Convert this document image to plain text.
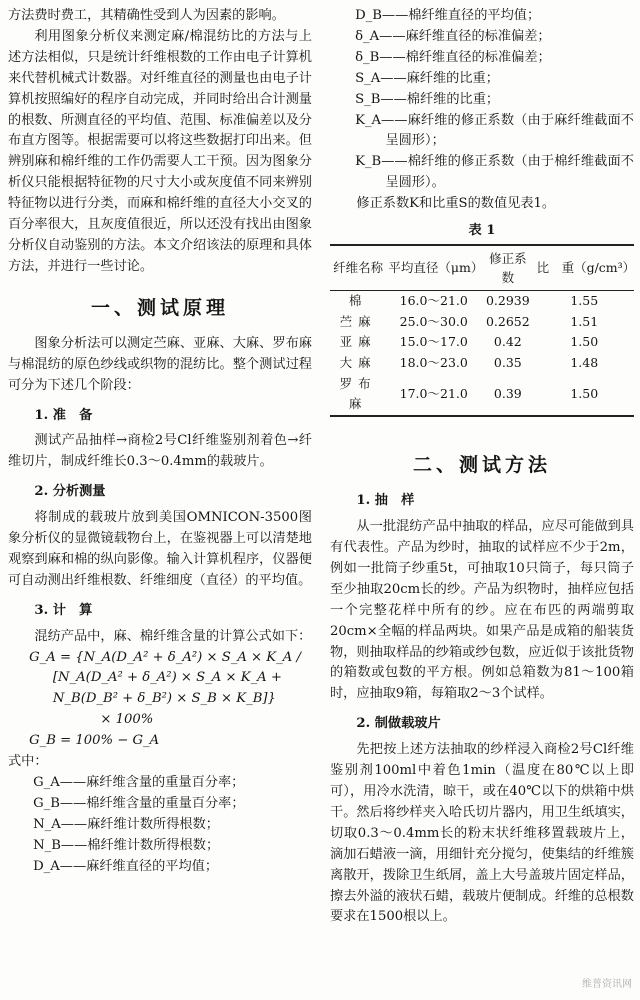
方法费时费工，其精确性受到人为因素的影响。

利用图象分析仪来测定麻/棉混纺比的方法与上述方法相似，只是统计纤维根数的工作由电子计算机来代替机械式计数器。对纤维直径的测量也由电子计算机按照编好的程序自动完成，并同时给出合计测量的根数、所测直径的平均值、范围、标准偏差以及分布直方图等。根据需要可以将这些数据打印出来。但辨别麻和棉纤维的工作仍需要人工干预。因为图象分析仪只能根据特征物的尺寸大小或灰度值不同来辨别特征物以进行分类，而麻和棉纤维的直径大小交叉的百分率很大，且灰度值很近，所以还没有找出由图象分析仪自动鉴别的方法。本文介绍该法的原理和具体方法，并进行一些讨论。

一、测试原理

图象分析法可以测定苎麻、亚麻、大麻、罗布麻与棉混纺的原色纱线或织物的混纺比。整个测试过程可分为下述几个阶段：

1. 准　备

测试产品抽样→商检2号Cl纤维鉴别剂着色→纤维切片，制成纤维长0.3～0.4mm的载玻片。

2. 分析测量

将制成的载玻片放到美国OMNICON-3500图象分析仪的显微镜载物台上，在鉴视器上可以清楚地观察到麻和棉的纵向影像。输入计算机程序，仪器便可自动测出纤维根数、纤维细度（直径）的平均值。

3. 计　算

混纺产品中，麻、棉纤维含量的计算公式如下：

G_A = {N_A(D_A² + δ_A²) × S_A × K_A /
[N_A(D_A² + δ_A²) × S_A × K_A +
N_B(D_B² + δ_B²) × S_B × K_B]}
× 100%
G_B = 100% − G_A
式中：

G_A——麻纤维含量的重量百分率；

G_B——棉纤维含量的重量百分率；

N_A——麻纤维计数所得根数；

N_B——棉纤维计数所得根数；

D_A——麻纤维直径的平均值；

D_B——棉纤维直径的平均值；

δ_A——麻纤维直径的标准偏差；

δ_B——棉纤维直径的标准偏差；

S_A——麻纤维的比重；

S_B——棉纤维的比重；

K_A——麻纤维的修正系数（由于麻纤维截面不呈圆形）；

K_B——棉纤维的修正系数（由于棉纤维截面不呈圆形）。

修正系数K和比重S的数值见表1。

表 1
纤维名称	平均直径（μm）	修正系数	比　重（g/cm³）
棉	16.0～21.0	0.2939	1.55
苎麻	25.0～30.0	0.2652	1.51
亚麻	15.0～17.0	0.42	1.50
大麻	18.0～23.0	0.35	1.48
罗布麻	17.0～21.0	0.39	1.50
二、测试方法
1. 抽　样

从一批混纺产品中抽取的样品，应尽可能做到具有代表性。产品为纱时，抽取的试样应不少于2m，例如一批筒子纱重5t，可抽取10只筒子，每只筒子至少抽取20cm长的纱。产品为织物时，抽样应包括一个完整花样中所有的纱。应在布匹的两端剪取20cm×全幅的样品两块。如果产品是成箱的船装货物，则抽取样品的纱箱或纱包数，应近似于该批货物的箱数或包数的平方根。例如总箱数为81～100箱时，应抽取9箱，每箱取2～3个试样。

2. 制做载玻片

先把按上述方法抽取的纱样浸入商检2号Cl纤维鉴别剂100ml中着色1min（温度在80℃以上即可），用冷水洗清，晾干，或在40℃以下的烘箱中烘干。然后将纱样夹入哈氏切片器内，用卫生纸填实，切取0.3～0.4mm长的粉末状纤维移置载玻片上，滴加石蜡液一滴，用细针充分搅匀，使集结的纤维簇离散开，拨除卫生纸屑，盖上大号盖玻片固定样品，擦去外溢的液状石蜡，载玻片便制成。纤维的总根数要求在1500根以上。

维普资讯网
